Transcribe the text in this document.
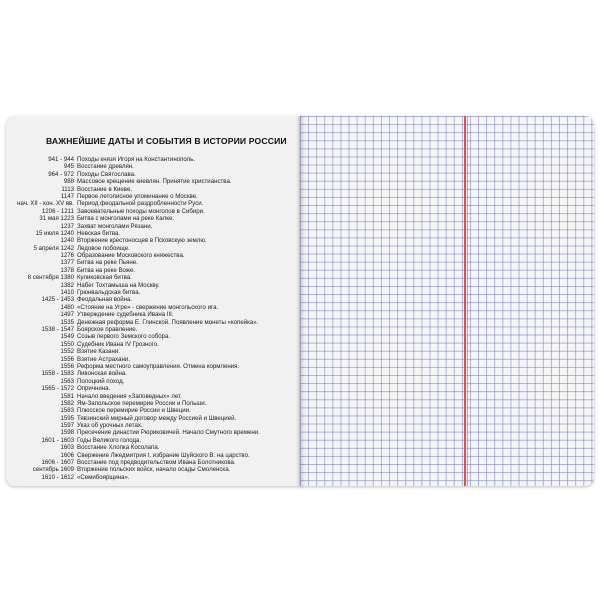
ВАЖНЕЙШИЕ ДАТЫ И СОБЫТИЯ В ИСТОРИИ РОССИИ
941 - 944 Походы князя Игоря на Константинополь.
945 Восстание древлян.
964 - 972 Походы Святослава.
988 Массовое крещение киевлян. Принятие христианства.
1113 Восстание в Киеве.
1147 Первое летописное упоминание о Москве.
нач. XII - кон. XV вв. Период феодальной раздробленности Руси.
1206 - 1211 Завоевательные походы монголов в Сибири.
31 мая 1223 Битва с монголами на реке Калке.
1237 Захват монголами Рязани.
15 июля 1240 Невская битва.
1240 Вторжение крестоносцев в Псковскую землю.
5 апреля 1242 Ледовое побоище.
1276 Образование Московского княжества.
1377 Битва на реке Пьяне.
1378 Битва на реке Воже.
8 сентября 1380 Куликовская битва.
1382 Набег Тохтамыша на Москву.
1410 Грюнвальдская битва.
1425 - 1453 Феодальная война.
1480 «Стояние на Угре» - свержение монгольского ига.
1497 Утверждение судебника Ивана III.
1535 Денежная реформа Е. Глинской. Появление монеты «копейка».
1538 - 1547 Боярское правление.
1549 Созыв первого Земского собора.
1550 Судебник Ивана IV Грозного.
1552 Взятие Казани.
1556 Взятие Астрахани.
1556 Реформа местного самоуправления. Отмена кормления.
1558 - 1583 Ливонская война.
1563 Полоцкий поход.
1565 - 1572 Опричнина.
1581 Начало введения «Заповедных» лет.
1582 Ям-Запольское перемирие России и Польши.
1583 Плюсское перемирие России и Швеции.
1595 Тявзинский мирный договор между Россией и Швецией.
1597 Указ об урочных летах.
1598 Пресечение династии Рюриковичей. Начало Смутного времени.
1601 - 1603 Годы Великого голода.
1603 Восстание Хлопка Косолапа.
1606 Свержение Лжедмитрия I, избрание Шуйского В. на царство.
1606 - 1607 Восстание под предводительством Ивана Болотникова.
сентябрь 1609 Вторжение польских войск, начало осады Смоленска.
1610 - 1612 «Семибоярщина».
